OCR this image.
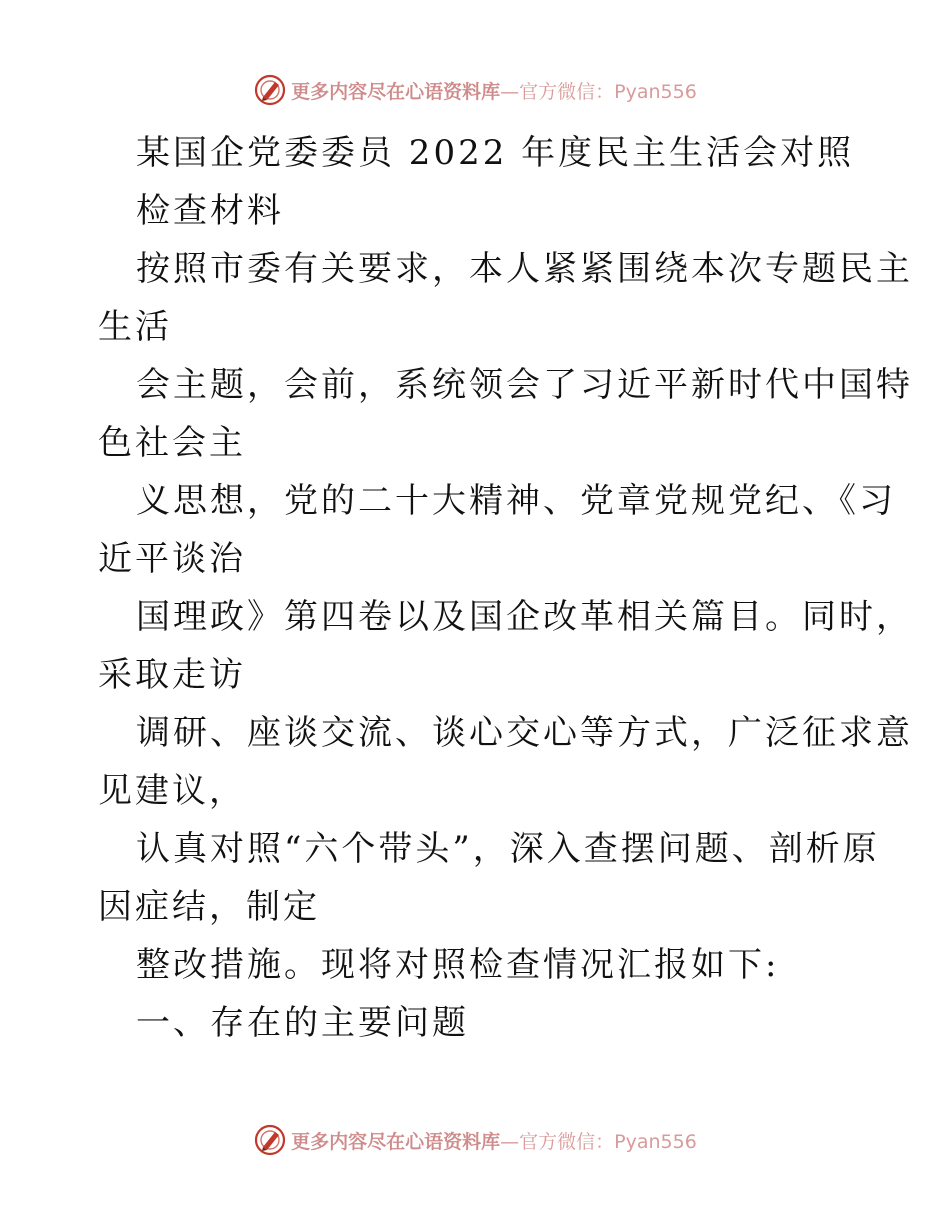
更多内容尽在心语资料库—官方微信：Pyan556
某国企党委委员 2022 年度民主生活会对照
检查材料
按照市委有关要求，本人紧紧围绕本次专题民主
生活
会主题，会前，系统领会了习近平新时代中国特
色社会主
义思想，党的二十大精神、党章党规党纪、《习
近平谈治
国理政》第四卷以及国企改革相关篇目。同时，
采取走访
调研、座谈交流、谈心交心等方式，广泛征求意
见建议，
认真对照“六个带头”，深入查摆问题、剖析原
因症结，制定
整改措施。现将对照检查情况汇报如下:
一、存在的主要问题
更多内容尽在心语资料库—官方微信：Pyan556
